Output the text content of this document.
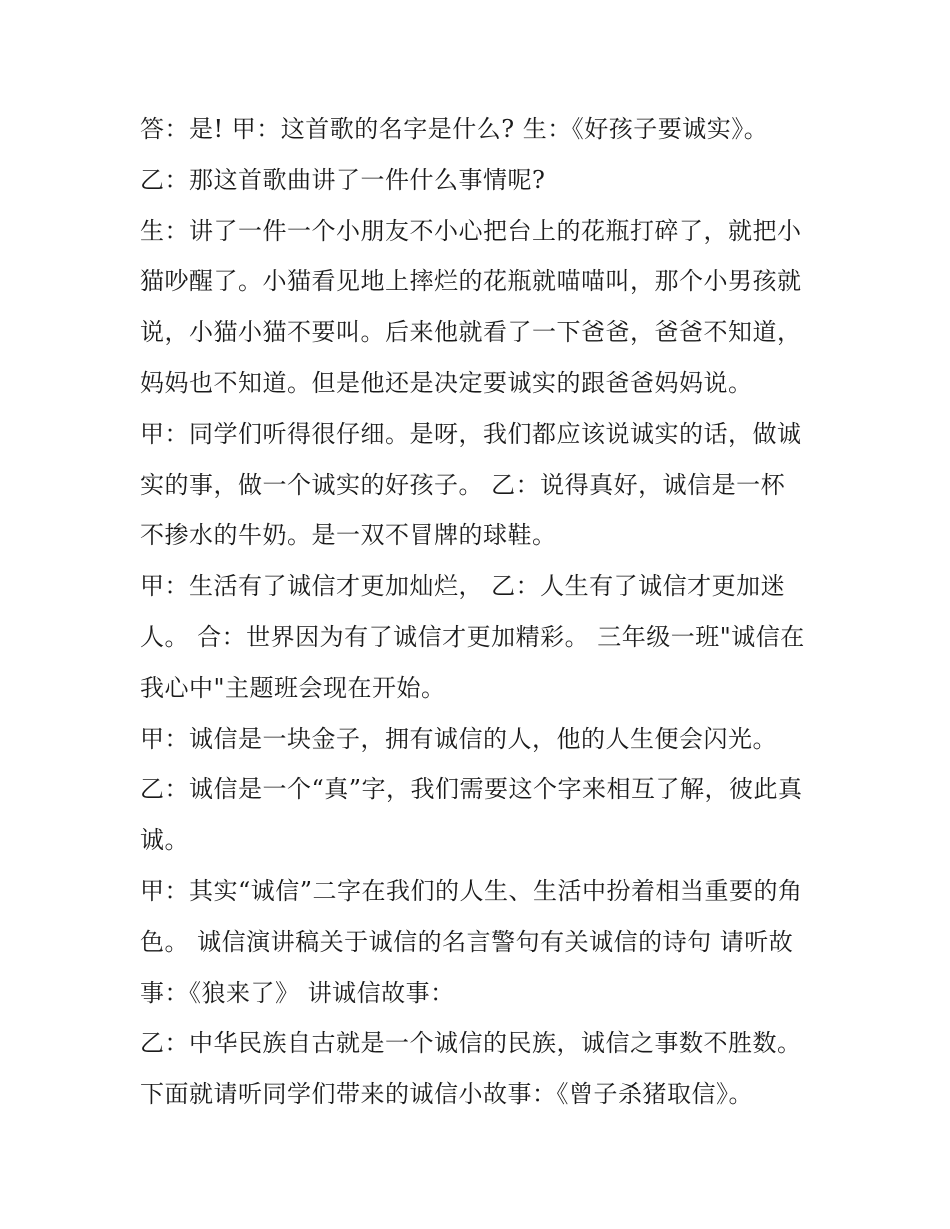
答：是! 甲：这首歌的名字是什么? 生：《好孩子要诚实》。
乙：那这首歌曲讲了一件什么事情呢?
生：讲了一件一个小朋友不小心把台上的花瓶打碎了，就把小
猫吵醒了。小猫看见地上摔烂的花瓶就喵喵叫，那个小男孩就
说，小猫小猫不要叫。后来他就看了一下爸爸，爸爸不知道，
妈妈也不知道。但是他还是决定要诚实的跟爸爸妈妈说。
甲：同学们听得很仔细。是呀，我们都应该说诚实的话，做诚
实的事，做一个诚实的好孩子。 乙：说得真好，诚信是一杯
不掺水的牛奶。是一双不冒牌的球鞋。
甲：生活有了诚信才更加灿烂， 乙：人生有了诚信才更加迷
人。 合：世界因为有了诚信才更加精彩。 三年级一班"诚信在
我心中"主题班会现在开始。
甲：诚信是一块金子，拥有诚信的人，他的人生便会闪光。
乙：诚信是一个“真”字，我们需要这个字来相互了解，彼此真
诚。
甲：其实“诚信”二字在我们的人生、生活中扮着相当重要的角
色。 诚信演讲稿关于诚信的名言警句有关诚信的诗句 请听故
事：《狼来了》 讲诚信故事：
乙：中华民族自古就是一个诚信的民族，诚信之事数不胜数。
下面就请听同学们带来的诚信小故事：《曾子杀猪取信》。
